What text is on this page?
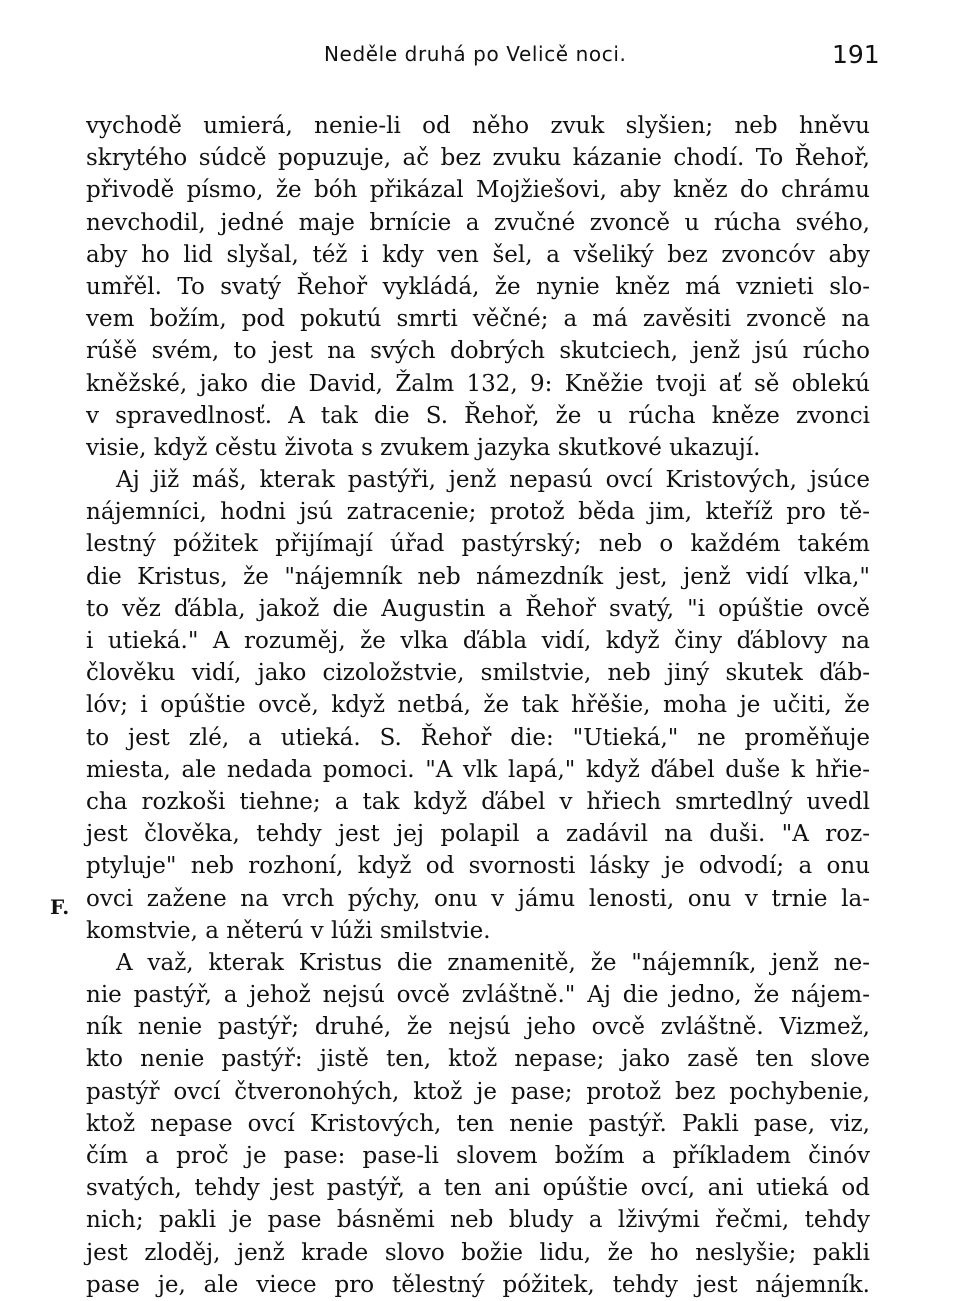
Neděle druhá po Velicě noci.	191
F.
vychodě umierá, nenie-li od něho zvuk slyšien; neb hněvu
skrytého súdcě popuzuje, ač bez zvuku kázanie chodí. To Řehoř,
přivodě písmo, že bóh přikázal Mojžiešovi, aby kněz do chrámu
nevchodil, jedné maje brnície a zvučné zvoncě u rúcha svého,
aby ho lid slyšal, též i kdy ven šel, a všeliký bez zvoncóv aby
umřěl. To svatý Řehoř vykládá, že nynie kněz má vznieti slo-
vem božím, pod pokutú smrti věčné; a má zavěsiti zvoncě na
rúšě svém, to jest na svých dobrých skutciech, jenž jsú rúcho
kněžské, jako die David, Žalm 132, 9: Kněžie tvoji ať sě oblekú
v spravedlnosť. A tak die S. Řehoř, že u rúcha kněze zvonci
visie, když cěstu života s zvukem jazyka skutkové ukazují.
Aj již máš, kterak pastýři, jenž nepasú ovcí Kristových, jsúce
nájemníci, hodni jsú zatracenie; protož běda jim, kteříž pro tě-
lestný póžitek přijímají úřad pastýrský; neb o každém takém
die Kristus, že "nájemník neb námezdník jest, jenž vidí vlka,"
to věz ďábla, jakož die Augustin a Řehoř svatý, "i opúštie ovcě
i utieká." A rozuměj, že vlka ďábla vidí, když činy ďáblovy na
člověku vidí, jako cizoložstvie, smilstvie, neb jiný skutek ďáb-
lóv; i opúštie ovcě, když netbá, že tak hřěšie, moha je učiti, že
to jest zlé, a utieká. S. Řehoř die: "Utieká," ne proměňuje
miesta, ale nedada pomoci. "A vlk lapá," když ďábel duše k hřie-
cha rozkoši tiehne; a tak když ďábel v hřiech smrtedlný uvedl
jest člověka, tehdy jest jej polapil a zadávil na duši. "A roz-
ptyluje" neb rozhoní, když od svornosti lásky je odvodí; a onu
ovci zažene na vrch pýchy, onu v jámu lenosti, onu v trnie la-
komstvie, a něterú v lúži smilstvie.
A važ, kterak Kristus die znamenitě, že "nájemník, jenž ne-
nie pastýř, a jehož nejsú ovcě zvláštně." Aj die jedno, že nájem-
ník nenie pastýř; druhé, že nejsú jeho ovcě zvláštně. Vizmež,
kto nenie pastýř: jistě ten, ktož nepase; jako zasě ten slove
pastýř ovcí čtveronohých, ktož je pase; protož bez pochybenie,
ktož nepase ovcí Kristových, ten nenie pastýř. Pakli pase, viz,
čím a proč je pase: pase-li slovem božím a příkladem činóv
svatých, tehdy jest pastýř, a ten ani opúštie ovcí, ani utieká od
nich; pakli je pase básněmi neb bludy a lživými řečmi, tehdy
jest zloděj, jenž krade slovo božie lidu, že ho neslyšie; pakli
pase je, ale viece pro tělestný póžitek, tehdy jest nájemník.
